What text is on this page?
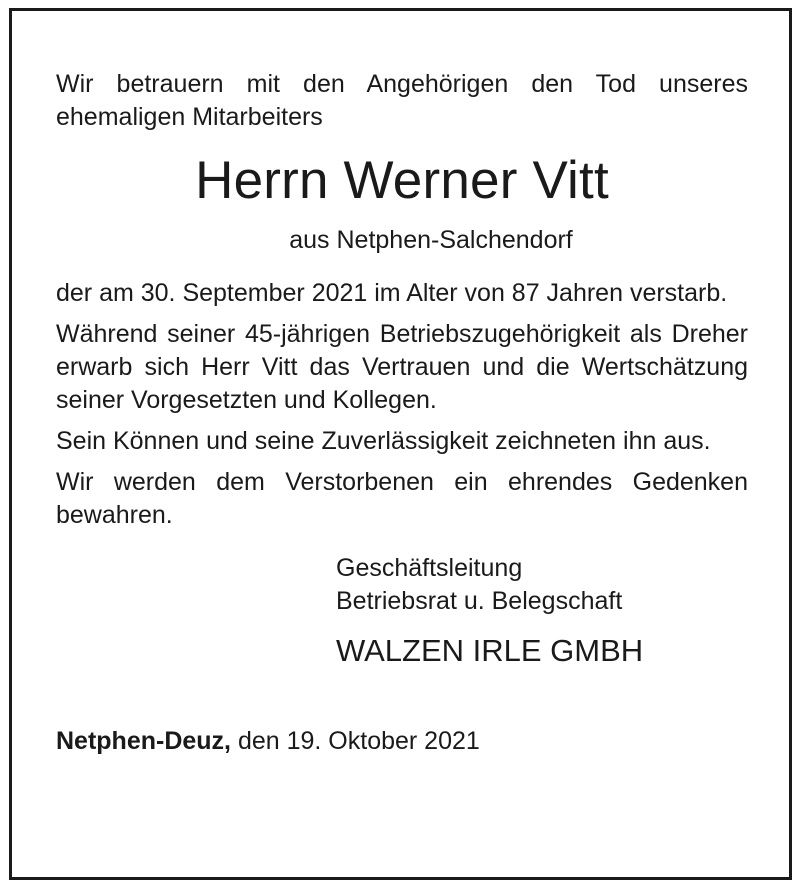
Wir betrauern mit den Angehörigen den Tod unseres ehemaligen Mitarbeiters

Herrn Werner Vitt
aus Netphen-Salchendorf

der am 30. September 2021 im Alter von 87 Jahren verstarb.

Während seiner 45-jährigen Betriebszugehörigkeit als Dreher erwarb sich Herr Vitt das Vertrauen und die Wertschätzung seiner Vorgesetzten und Kollegen.

Sein Können und seine Zuverlässigkeit zeichneten ihn aus.

Wir werden dem Verstorbenen ein ehrendes Gedenken bewahren.

Geschäftsleitung
Betriebsrat u. Belegschaft
WALZEN IRLE GMBH
Netphen-Deuz, den 19. Oktober 2021
